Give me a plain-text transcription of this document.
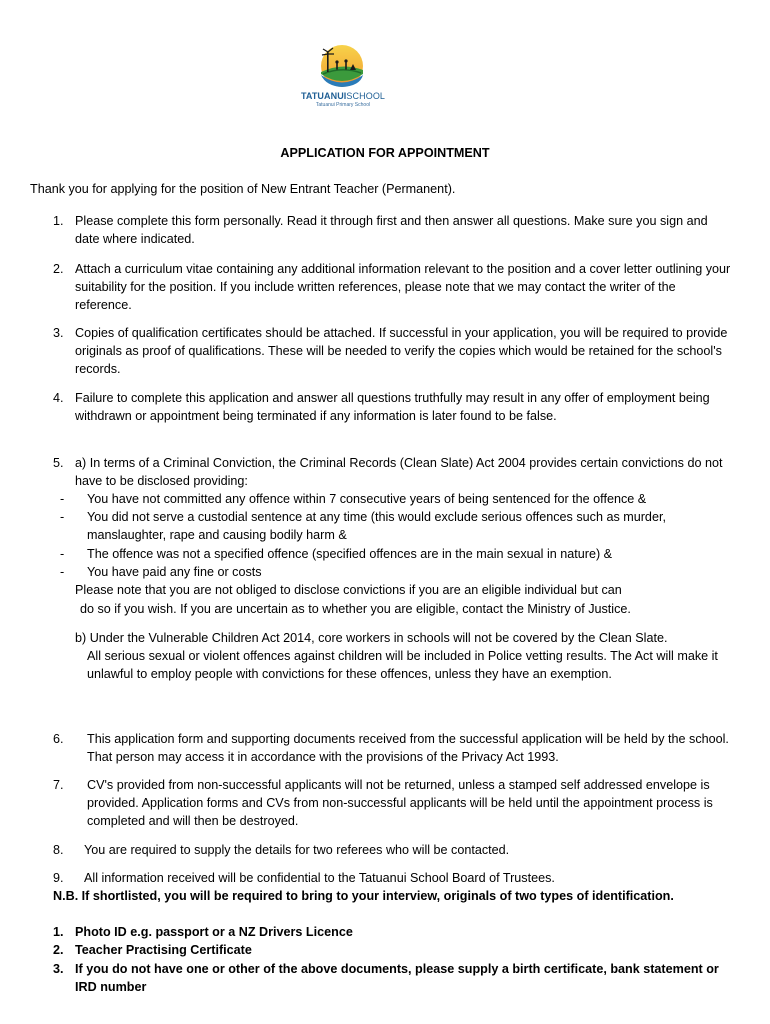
TATUANUISCHOOL
Tatuanui Primary School
APPLICATION FOR APPOINTMENT
Thank you for applying for the position of New Entrant Teacher (Permanent).
1. Please complete this form personally. Read it through first and then answer all questions. Make sure you sign and date where indicated.
2. Attach a curriculum vitae containing any additional information relevant to the position and a cover letter outlining your suitability for the position. If you include written references, please note that we may contact the writer of the reference.
3. Copies of qualification certificates should be attached. If successful in your application, you will be required to provide originals as proof of qualifications. These will be needed to verify the copies which would be retained for the school's records.
4. Failure to complete this application and answer all questions truthfully may result in any offer of employment being withdrawn or appointment being terminated if any information is later found to be false.
5. a) In terms of a Criminal Conviction, the Criminal Records (Clean Slate) Act 2004 provides certain convictions do not have to be disclosed providing:
- You have not committed any offence within 7 consecutive years of being sentenced for the offence &
- You did not serve a custodial sentence at any time (this would exclude serious offences such as murder, manslaughter, rape and causing bodily harm &
- The offence was not a specified offence (specified offences are in the main sexual in nature) &
- You have paid any fine or costs
Please note that you are not obliged to disclose convictions if you are an eligible individual but can
do so if you wish. If you are uncertain as to whether you are eligible, contact the Ministry of Justice.
b) Under the Vulnerable Children Act 2014, core workers in schools will not be covered by the Clean Slate.
All serious sexual or violent offences against children will be included in Police vetting results. The Act will make it unlawful to employ people with convictions for these offences, unless they have an exemption.
6. This application form and supporting documents received from the successful application will be held by the school. That person may access it in accordance with the provisions of the Privacy Act 1993.
7. CV's provided from non-successful applicants will not be returned, unless a stamped self addressed envelope is provided. Application forms and CVs from non-successful applicants will be held until the appointment process is completed and will then be destroyed.
8. You are required to supply the details for two referees who will be contacted.
9. All information received will be confidential to the Tatuanui School Board of Trustees.
N.B. If shortlisted, you will be required to bring to your interview, originals of two types of identification.
1. Photo ID e.g. passport or a NZ Drivers Licence
2. Teacher Practising Certificate
3. If you do not have one or other of the above documents, please supply a birth certificate, bank statement or IRD number
